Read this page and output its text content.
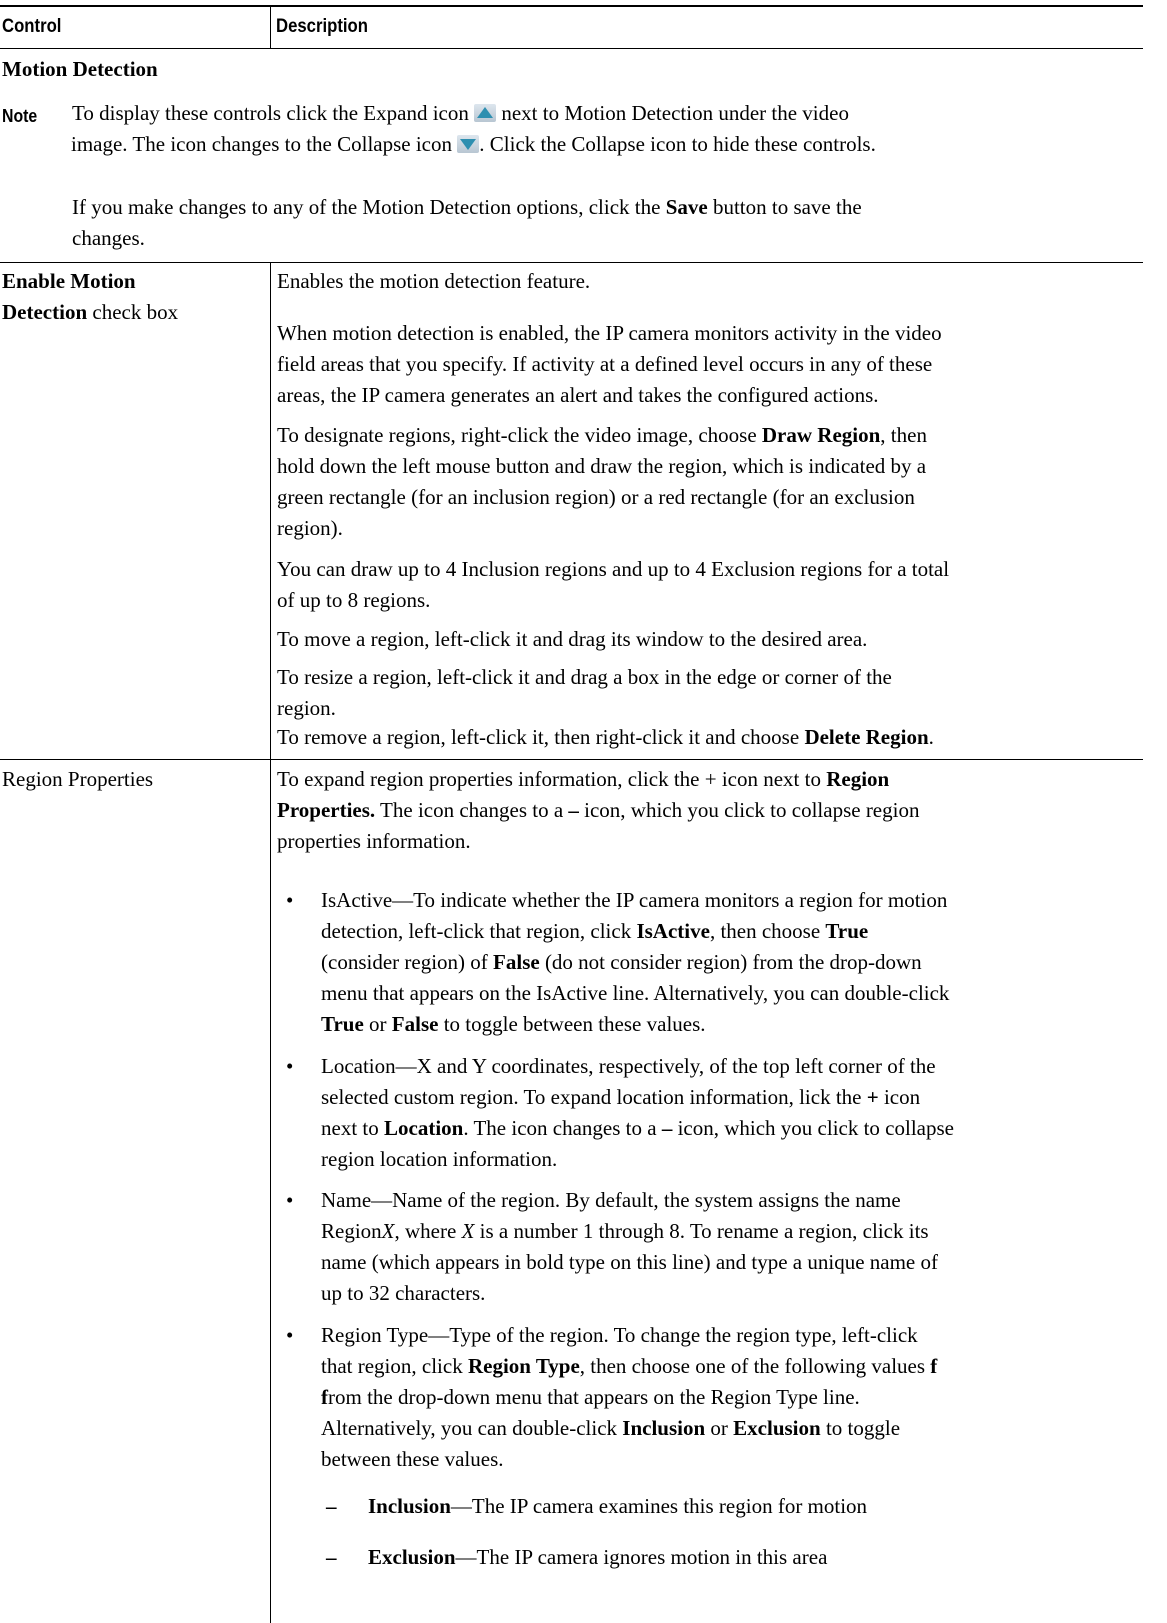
Control	Description
Motion Detection
Note To display these controls click the Expand icon next to Motion Detection under the video
image. The icon changes to the Collapse icon . Click the Collapse icon to hide these controls.
If you make changes to any of the Motion Detection options, click the Save button to save the
changes.
Enable Motion
Detection check box
Enables the motion detection feature.
When motion detection is enabled, the IP camera monitors activity in the video
field areas that you specify. If activity at a defined level occurs in any of these
areas, the IP camera generates an alert and takes the configured actions.
To designate regions, right-click the video image, choose Draw Region, then
hold down the left mouse button and draw the region, which is indicated by a
green rectangle (for an inclusion region) or a red rectangle (for an exclusion
region).
You can draw up to 4 Inclusion regions and up to 4 Exclusion regions for a total
of up to 8 regions.
To move a region, left-click it and drag its window to the desired area.
To resize a region, left-click it and drag a box in the edge or corner of the
region.
To remove a region, left-click it, then right-click it and choose Delete Region.
Region Properties	To expand region properties information, click the + icon next to Region
Properties. The icon changes to a – icon, which you click to collapse region
properties information.
• IsActive—To indicate whether the IP camera monitors a region for motion
detection, left-click that region, click IsActive, then choose True
(consider region) of False (do not consider region) from the drop-down
menu that appears on the IsActive line. Alternatively, you can double-click
True or False to toggle between these values.
• Location—X and Y coordinates, respectively, of the top left corner of the
selected custom region. To expand location information, lick the + icon
next to Location. The icon changes to a – icon, which you click to collapse
region location information.
• Name—Name of the region. By default, the system assigns the name
RegionX, where X is a number 1 through 8. To rename a region, click its
name (which appears in bold type on this line) and type a unique name of
up to 32 characters.
• Region Type—Type of the region. To change the region type, left-click
that region, click Region Type, then choose one of the following values f
from the drop-down menu that appears on the Region Type line.
Alternatively, you can double-click Inclusion or Exclusion to toggle
between these values.
– Inclusion—The IP camera examines this region for motion
– Exclusion—The IP camera ignores motion in this area
